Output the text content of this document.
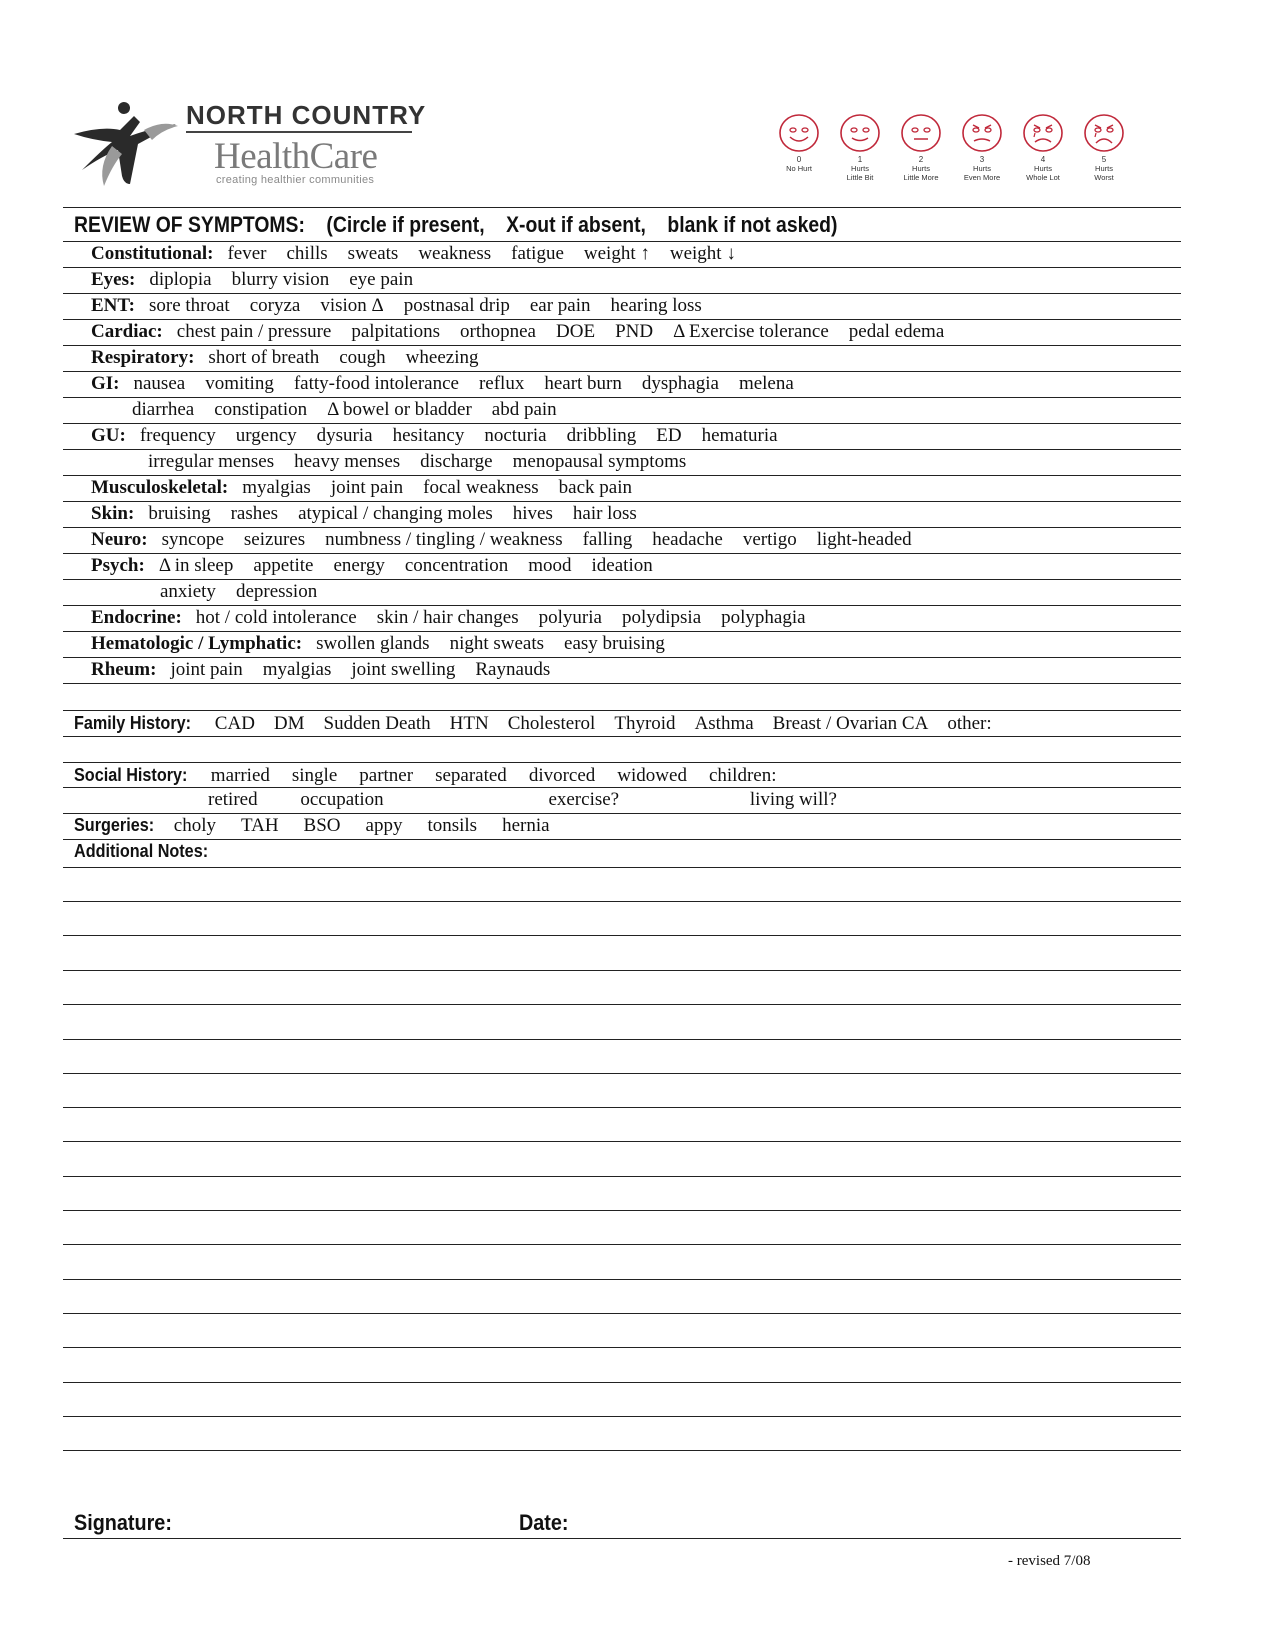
NORTH COUNTRY
HealthCare
creating healthier communities
0
No Hurt
1
Hurts
Little Bit
2
Hurts
Little More
3
Hurts
Even More
4
Hurts
Whole Lot
5
Hurts
Worst
REVIEW OF SYMPTOMS:    (Circle if present,    X-out if absent,    blank if not asked)
Constitutional: fever chills sweats weakness fatigue weight ↑ weight ↓
Eyes: diplopia blurry vision eye pain
ENT: sore throat coryza vision Δ postnasal drip ear pain hearing loss
Cardiac: chest pain / pressure palpitations orthopnea DOE PND Δ Exercise tolerance pedal edema
Respiratory: short of breath cough wheezing
GI: nausea vomiting fatty-food intolerance reflux heart burn dysphagia melena
diarrhea constipation Δ bowel or bladder abd pain
GU: frequency urgency dysuria hesitancy nocturia dribbling ED hematuria
irregular menses heavy menses discharge menopausal symptoms
Musculoskeletal: myalgias joint pain focal weakness back pain
Skin: bruising rashes atypical / changing moles hives hair loss
Neuro: syncope seizures numbness / tingling / weakness falling headache vertigo light-headed
Psych: Δ in sleep appetite energy concentration mood ideation
anxiety depression
Endocrine: hot / cold intolerance skin / hair changes polyuria polydipsia polyphagia
Hematologic / Lymphatic: swollen glands night sweats easy bruising
Rheum: joint pain myalgias joint swelling Raynauds
Family History: CAD DM Sudden Death HTN Cholesterol Thyroid Asthma Breast / Ovarian CA other:
Social History: married single partner separated divorced widowed children:
retired occupation	exercise?	living will?
Surgeries: choly TAH BSO appy tonsils hernia
Additional Notes:
Signature:	Date:
- revised 7/08
